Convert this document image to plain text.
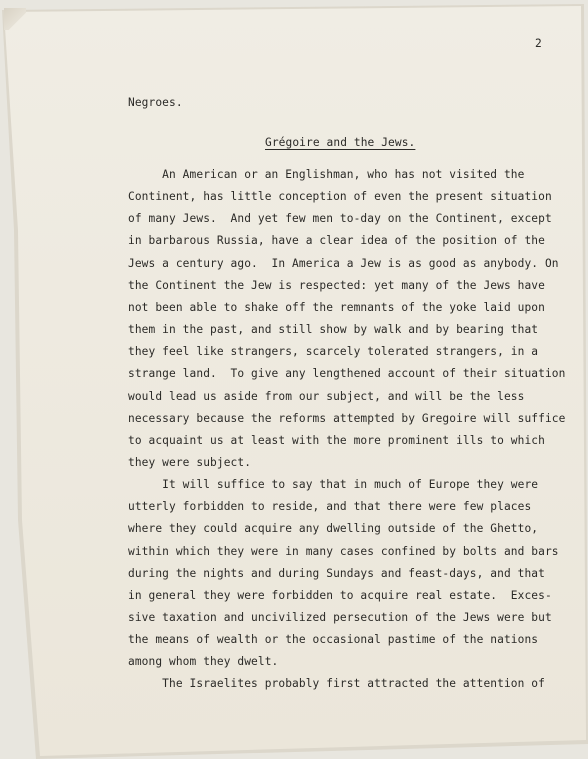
2
Negroes.
Grégoire and the Jews.
An American or an Englishman, who has not visited the
Continent, has little conception of even the present situation
of many Jews.  And yet few men to-day on the Continent, except
in barbarous Russia, have a clear idea of the position of the
Jews a century ago.  In America a Jew is as good as anybody. On
the Continent the Jew is respected: yet many of the Jews have
not been able to shake off the remnants of the yoke laid upon
them in the past, and still show by walk and by bearing that
they feel like strangers, scarcely tolerated strangers, in a
strange land.  To give any lengthened account of their situation
would lead us aside from our subject, and will be the less
necessary because the reforms attempted by Gregoire will suffice
to acquaint us at least with the more prominent ills to which
they were subject.
It will suffice to say that in much of Europe they were
utterly forbidden to reside, and that there were few places
where they could acquire any dwelling outside of the Ghetto,
within which they were in many cases confined by bolts and bars
during the nights and during Sundays and feast-days, and that
in general they were forbidden to acquire real estate.  Exces-
sive taxation and uncivilized persecution of the Jews were but
the means of wealth or the occasional pastime of the nations
among whom they dwelt.
The Israelites probably first attracted the attention of
